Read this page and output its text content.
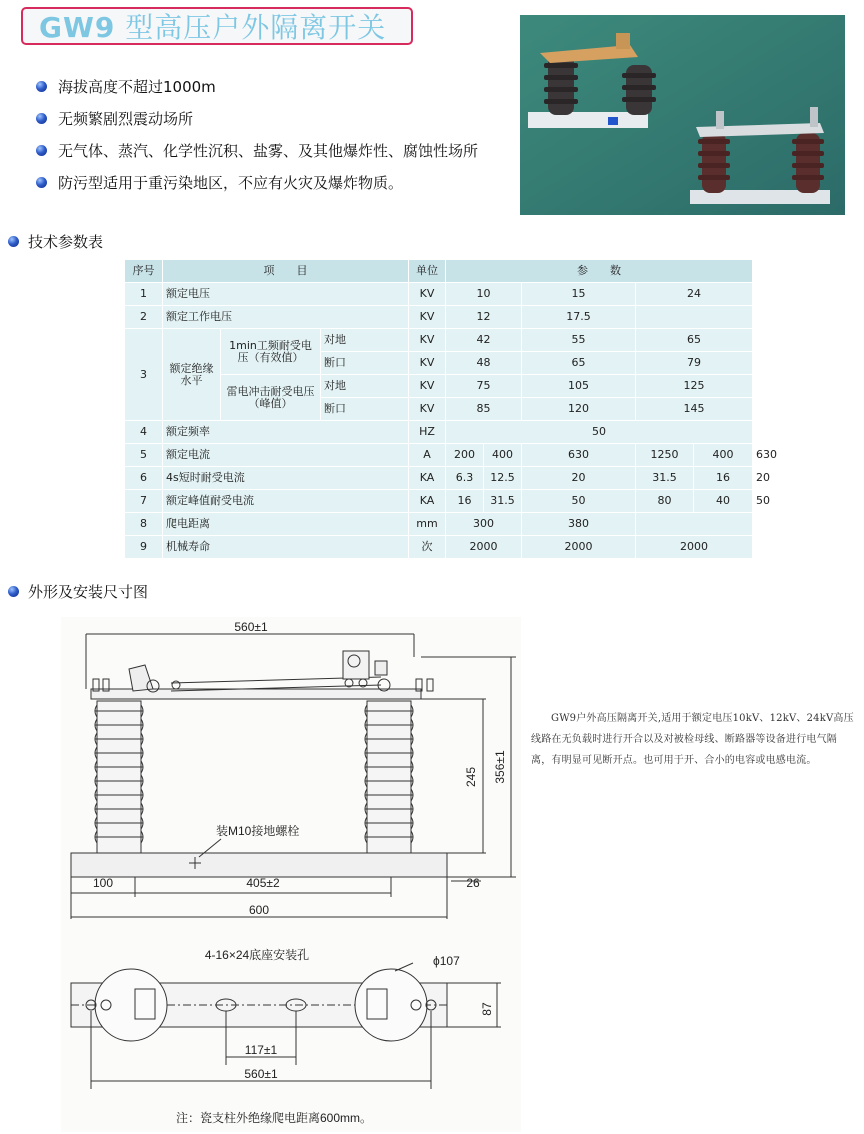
GW9 型高压户外隔离开关
海拔高度不超过1000m
无频繁剧烈震动场所
无气体、蒸汽、化学性沉积、盐雾、及其他爆炸性、腐蚀性场所
防污型适用于重污染地区，不应有火灾及爆炸物质。
技术参数表
序号	项　　目			单位	参　　数					
1	额定电压			KV	10		15	24		
2	额定工作电压			KV	12		17.5			
3	额定绝缘水平	1min工频耐受电压（有效值）	对地	KV	42		55	65		
			断口	KV	48		65	79		
		雷电冲击耐受电压（峰值）	对地	KV	75		105	125		
			断口	KV	85		120	145		
4	额定频率			HZ	50					
5	额定电流			A	200	400	630	1250	400	630
6	4s短时耐受电流			KA	6.3	12.5	20	31.5	16	20
7	额定峰值耐受电流			KA	16	31.5	50	80	40	50
8	爬电距离			mm	300		380			
9	机械寿命			次	2000		2000	2000		
外形及安装尺寸图
560±1
装M10接地螺栓
245 356±1
26
100	405±2
600
4-16×24底座安装孔	ϕ107
87
117±1
560±1
注：瓷支柱外绝缘爬电距离600mm。
GW9户外高压隔离开关,适用于额定电压10kV、12kV、24kV高压线路在无负载时进行开合以及对被检母线、断路器等设备进行电气隔离，有明显可见断开点。也可用于开、合小的电容或电感电流。
